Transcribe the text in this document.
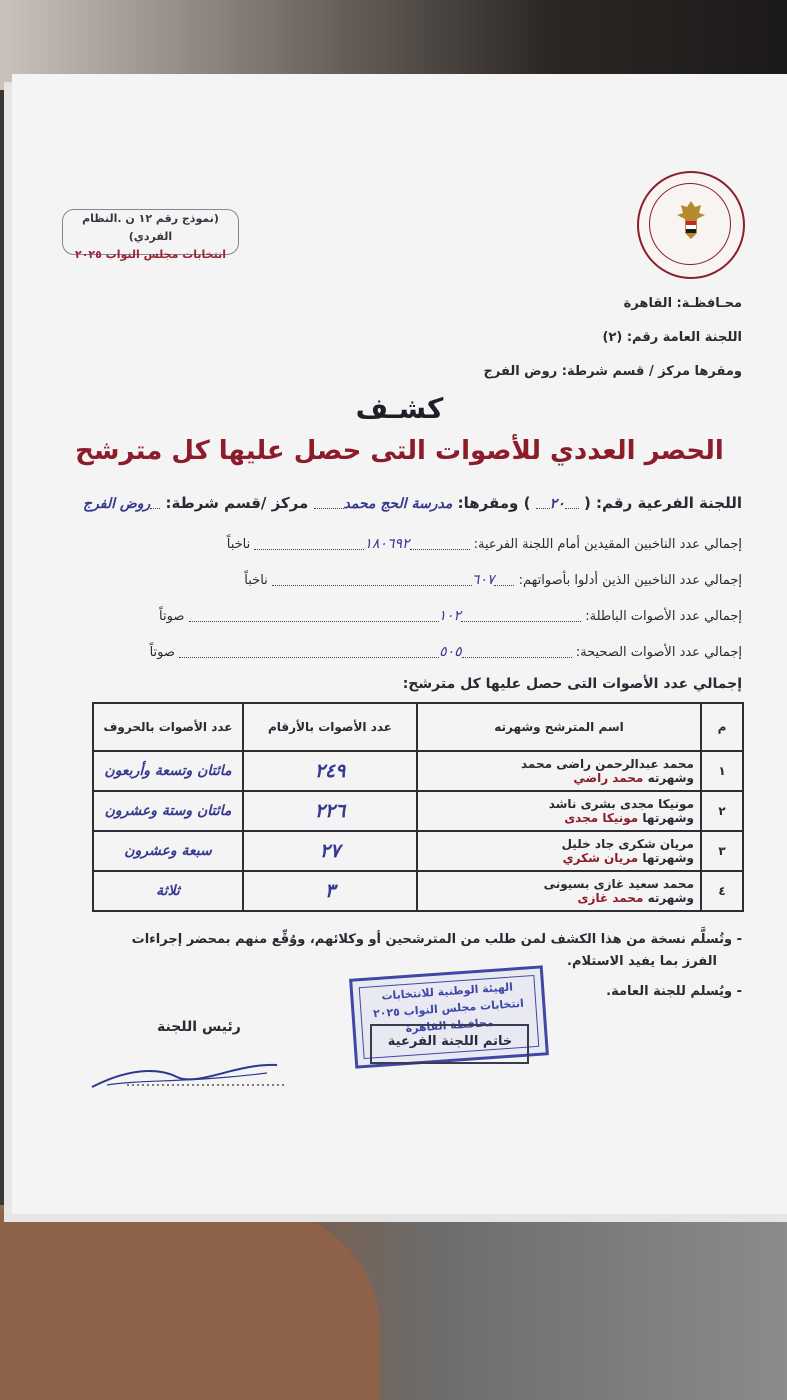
(نموذج رقم ١٢ ن .النظام الفردي)
انتخابات مجلس النواب ٢٠٢٥
محـافظـة: القاهرة
اللجنة العامة رقم: (٢)
ومقرها مركز / قسم شرطة: روض الفرج
كشـف
الحصر العددي للأصوات التى حصل عليها كل مترشح
اللجنة الفرعية رقم: ( ٢٠ ) ومقرها: مدرسة الحج محمد مركز /قسم شرطة: روض الفرج
إجمالي عدد الناخبين المقيدين أمام اللجنة الفرعية: ١٨٠٦٩٢ ناخباً
إجمالي عدد الناخبين الذين أدلوا بأصواتهم: ٦٠٧ ناخباً
إجمالي عدد الأصوات الباطلة: ١٠٢ صوتاً
إجمالي عدد الأصوات الصحيحة: ٥٠٥ صوتاً
إجمالي عدد الأصوات التى حصل عليها كل مترشح:
م	اسم المترشح وشهرته	عدد الأصوات بالأرقام	عدد الأصوات بالحروف
١	محمد عبدالرحمن راضى محمد
وشهرته محمد راضي	٢٤٩	مائتان وتسعة وأربعون
٢	مونيكا مجدى بشرى ناشد
وشهرتها مونيكا مجدى	٢٢٦	مائتان وستة وعشرون
٣	مريان شكرى جاد خليل
وشهرتها مريان شكري	٢٧	سبعة وعشرون
٤	محمد سعيد غازى بسيونى
وشهرته محمد غازى	٣	ثلاثة
- وتُسلَّم نسخة من هذا الكشف لمن طلب من المترشحين أو وكلائهم، ووُقِّع منهم بمحضر إجراءات
الفرز بما يفيد الاستلام.
- ويُسلم للجنة العامة.
رئيس اللجنة
الهيئة الوطنية للانتخابات
انتخابات مجلس النواب ٢٠٢٥
محافظة القاهرة
خاتم اللجنة الفرعية
